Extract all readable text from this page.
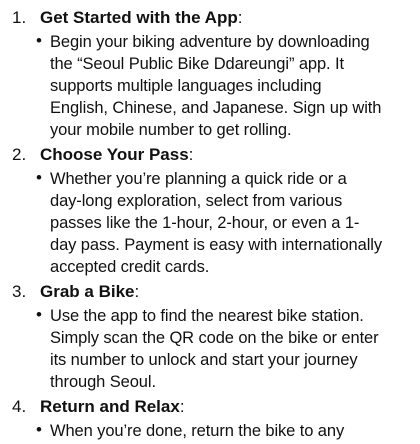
1. Get Started with the App:
• Begin your biking adventure by downloading
the “Seoul Public Bike Ddareungi” app. It
supports multiple languages including
English, Chinese, and Japanese. Sign up with
your mobile number to get rolling.
2. Choose Your Pass:
• Whether you’re planning a quick ride or a
day-long exploration, select from various
passes like the 1-hour, 2-hour, or even a 1-
day pass. Payment is easy with internationally
accepted credit cards.
3. Grab a Bike:
• Use the app to find the nearest bike station.
Simply scan the QR code on the bike or enter
its number to unlock and start your journey
through Seoul.
4. Return and Relax:
• When you’re done, return the bike to any
